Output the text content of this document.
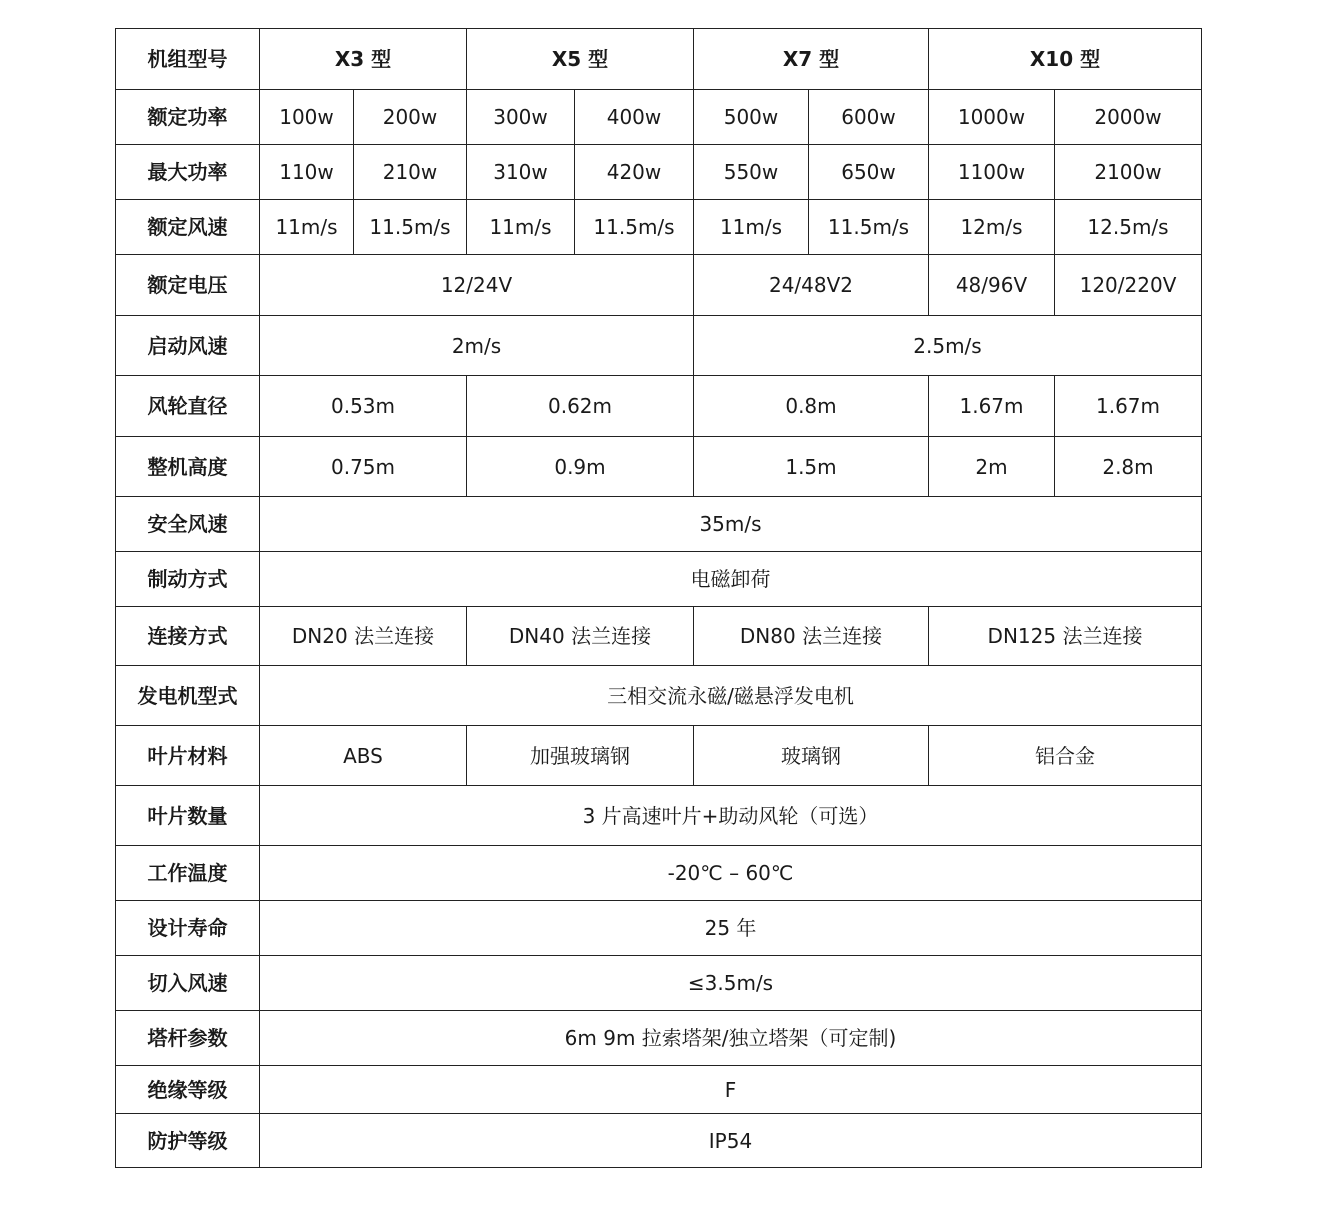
机组型号	X3 型		X5 型		X7 型		X10 型	
额定功率	100w	200w	300w	400w	500w	600w	1000w	2000w
最大功率	110w	210w	310w	420w	550w	650w	1100w	2100w
额定风速	11m/s	11.5m/s	11m/s	11.5m/s	11m/s	11.5m/s	12m/s	12.5m/s
额定电压	12/24V				24/48V2		48/96V	120/220V
启动风速	2m/s				2.5m/s			
风轮直径	0.53m		0.62m		0.8m		1.67m	1.67m
整机高度	0.75m		0.9m		1.5m		2m	2.8m
安全风速	35m/s							
制动方式	电磁卸荷							
连接方式	DN20 法兰连接		DN40 法兰连接		DN80 法兰连接		DN125 法兰连接	
发电机型式	三相交流永磁/磁悬浮发电机							
叶片材料	ABS		加强玻璃钢		玻璃钢		铝合金	
叶片数量	3 片高速叶片+助动风轮（可选）							
工作温度	-20℃ – 60℃							
设计寿命	25 年							
切入风速	≤3.5m/s							
塔杆参数	6m 9m 拉索塔架/独立塔架（可定制)							
绝缘等级	F							
防护等级	IP54							
